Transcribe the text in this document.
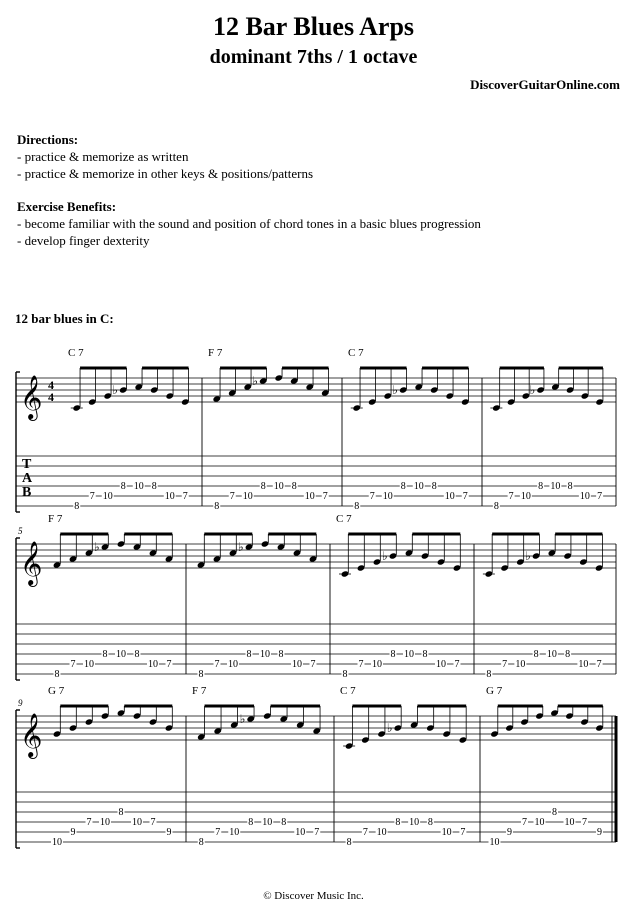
12 Bar Blues Arps
dominant 7ths / 1 octave
DiscoverGuitarOnline.com
Directions:
- practice & memorize as written
- practice & memorize in other keys & positions/patterns
Exercise Benefits:
- become familiar with the sound and position of chord tones in a basic blues progression
- develop finger dexterity
12 bar blues in C:
𝄞 4
4
T
A
B
C 7
♭
8
7 10
8 10 8
10 7
F 7
♭
8
7 10
8 10 8
10 7
C 7
♭
8
7 10
8 10 8
10 7
♭
8
7 10
8 10 8
10 7
𝄞
5
F 7
♭
8
7 10
8 10 8
10 7
♭
8
7 10
8 10 8
10 7
C 7
♭
8
7 10
8 10 8
10 7
♭
8
7 10
8 10 8
10 7
𝄞
9
G 7
10
9
7 10
8
10 7
9
F 7
♭
8
7 10
8 10 8
10 7
C 7
♭
8
7 10
8 10 8
10 7
G 7
10
9
7 10
8
10 7
9
© Discover Music Inc.
